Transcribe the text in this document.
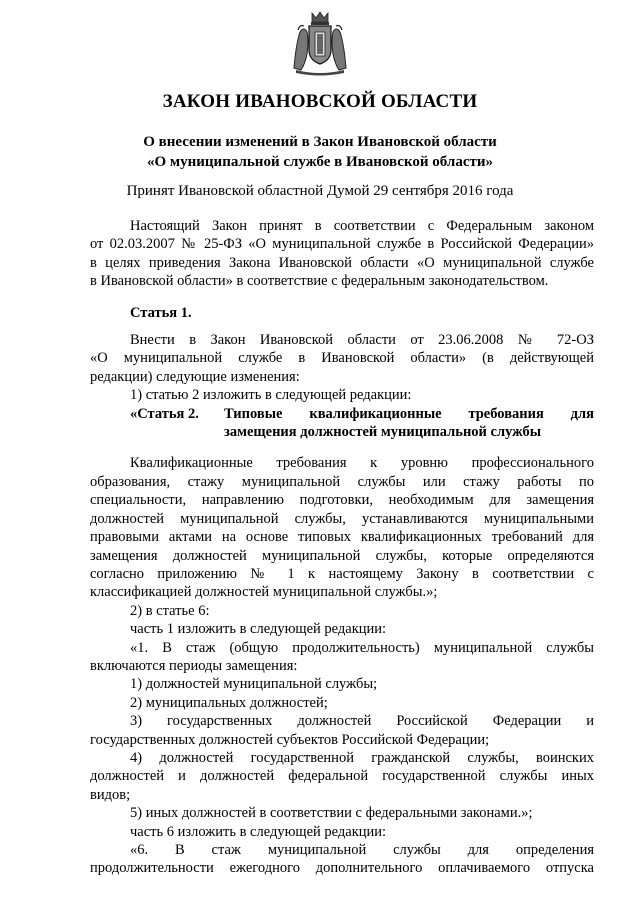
ЗАКОН ИВАНОВСКОЙ ОБЛАСТИ
О внесении изменений в Закон Ивановской области
«О муниципальной службе в Ивановской области»
Принят Ивановской областной Думой 29 сентября 2016 года

Настоящий Закон принят в соответствии с Федеральным законом

от 02.03.2007 № 25-ФЗ «О муниципальной службе в Российской Федерации»

в целях приведения Закона Ивановской области «О муниципальной службе

в Ивановской области» в соответствие с федеральным законодательством.

Статья 1.

Внести в Закон Ивановской области от 23.06.2008 № 72-ОЗ

«О муниципальной службе в Ивановской области» (в действующей

редакции) следующие изменения:

1) статью 2 изложить в следующей редакции:

«Статья 2.	Типовые квалификационные требования для

замещения должностей муниципальной службы

Квалификационные требования к уровню профессионального

образования, стажу муниципальной службы или стажу работы по

специальности, направлению подготовки, необходимым для замещения

должностей муниципальной службы, устанавливаются муниципальными

правовыми актами на основе типовых квалификационных требований для

замещения должностей муниципальной службы, которые определяются

согласно приложению № 1 к настоящему Закону в соответствии с

классификацией должностей муниципальной службы.»;

2) в статье 6:

часть 1 изложить в следующей редакции:

«1. В стаж (общую продолжительность) муниципальной службы

включаются периоды замещения:

1) должностей муниципальной службы;

2) муниципальных должностей;

3) государственных должностей Российской Федерации и

государственных должностей субъектов Российской Федерации;

4) должностей государственной гражданской службы, воинских

должностей и должностей федеральной государственной службы иных

видов;

5) иных должностей в соответствии с федеральными законами.»;

часть 6 изложить в следующей редакции:

«6. В стаж муниципальной службы для определения

продолжительности ежегодного дополнительного оплачиваемого отпуска
